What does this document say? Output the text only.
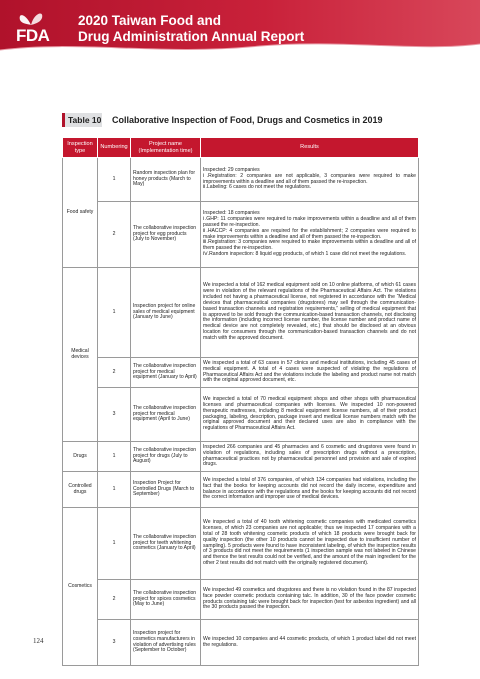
FDA
2020 Taiwan Food and
Drug Administration Annual Report
Table 10 Collaborative Inspection of Food, Drugs and Cosmetics in 2019
Inspection type	Numbering	Project name (Implementation time)	Results
Food safety	1	Random inspection plan for honey products (March to May)	Inspected: 29 companies
Ⅰ.Registration: 2 companies are not applicable, 3 companies were required to make improvements within a deadline and all of them passed the re-inspection.
Ⅱ.Labeling: 6 cases do not meet the regulations.

	2	The collaborative inspection project for egg products (July to November)	Inspected: 18 companies
Ⅰ.GHP: 11 companies were required to make improvements within a deadline and all of them passed the re-inspection.
Ⅱ.HACCP: 4 companies are required for the establishment; 2 companies were required to make improvements within a deadline and all of them passed the re-inspection.
Ⅲ.Registration: 3 companies were required to make improvements within a deadline and all of them passed the re-inspection.
Ⅳ.Random inspection: 8 liquid egg products, of which 1 case did not meet the regulations.

Medical devices	1	Inspection project for online sales of medical equipment (January to June)	We inspected a total of 162 medical equipment sold on 10 online platforms, of which 61 cases were in violation of the relevant regulations of the Pharmaceutical Affairs Act. The violations included not having a pharmaceutical license, not registered in accordance with the “Medical devices that pharmaceutical companies (drugstores) may sell through the communication-based transaction channels and registration requirements,” selling of medical equipment that is approved to be sold through the communication-based transaction channels, not disclosing the information (including incorrect license number, the license number and product name of medical device are not completely revealed, etc.) that should be disclosed at an obvious location for consumers through the communication-based transaction channels and do not match with the approved document.
	2	The collaborative inspection project for medical equipment (January to April)	We inspected a total of 63 cases in 57 clinics and medical institutions, including 45 cases of medical equipment. A total of 4 cases were suspected of violating the regulations of Pharmaceutical Affairs Act and the violations include the labeling and product name not match with the original approved document, etc.
	3	The collaborative inspection project for medical equipment (April to June)	We inspected a total of 70 medical equipment shops and other shops with pharmaceutical licenses and pharmaceutical companies with licenses. We inspected 10 non-powered therapeutic mattresses, including 8 medical equipment license numbers, all of their product packaging, labeling, description, package insert and medical license numbers match with the original approved document and their declared uses are also in compliance with the regulations of Pharmaceutical Affairs Act.
Drugs	1	The collaborative inspection project for drugs (July to August)	Inspected 266 companies and 45 pharmacies and 6 cosmetic and drugstores were found in violation of regulations, including sales of prescription drugs without a prescription, pharmaceutical practices not by pharmaceutical personnel and provision and sale of expired drugs.
Controlled drugs	1	Inspection Project for Controlled Drugs (March to September)	We inspected a total of 376 companies, of which 134 companies had violations, including the fact that the books for keeping accounts did not record the daily income, expenditure and balance in accordance with the regulations and the books for keeping accounts did not record the correct information and improper use of medical devices.
Cosmetics	1	The collaborative inspection project for teeth whitening cosmetics (January to April)	We inspected a total of 40 tooth whitening cosmetic companies with medicated cosmetics licenses, of which 23 companies are not applicable; thus we inspected 17 companies with a total of 28 tooth whitening cosmetic products of which 18 products were brought back for quality inspection (the other 10 products cannot be inspected due to insufficient number of sampling). 5 products were found to have inconsistent labeling, of which the inspection results of 3 products did not meet the requirements (1 inspection sample was not labeled in Chinese and thence the test results could not be verified, and the amount of the main ingredient for the other 2 test results did not match with the originally registered document).
	2	The collaborative inspection project for spices cosmetics (May to June)	We inspected 49 cosmetics and drugstores and there is no violation found in the 87 inspected face powder cosmetic products containing talc. In addition, 30 of the face powder cosmetic products containing talc were brought back for inspection (test for asbestos ingredient) and all the 30 products passed the inspection.
	3	Inspection project for cosmetics manufacturers in violation of advertising rules (September to October)	We inspected 10 companies and 44 cosmetic products, of which 1 product label did not meet the regulations.
124
